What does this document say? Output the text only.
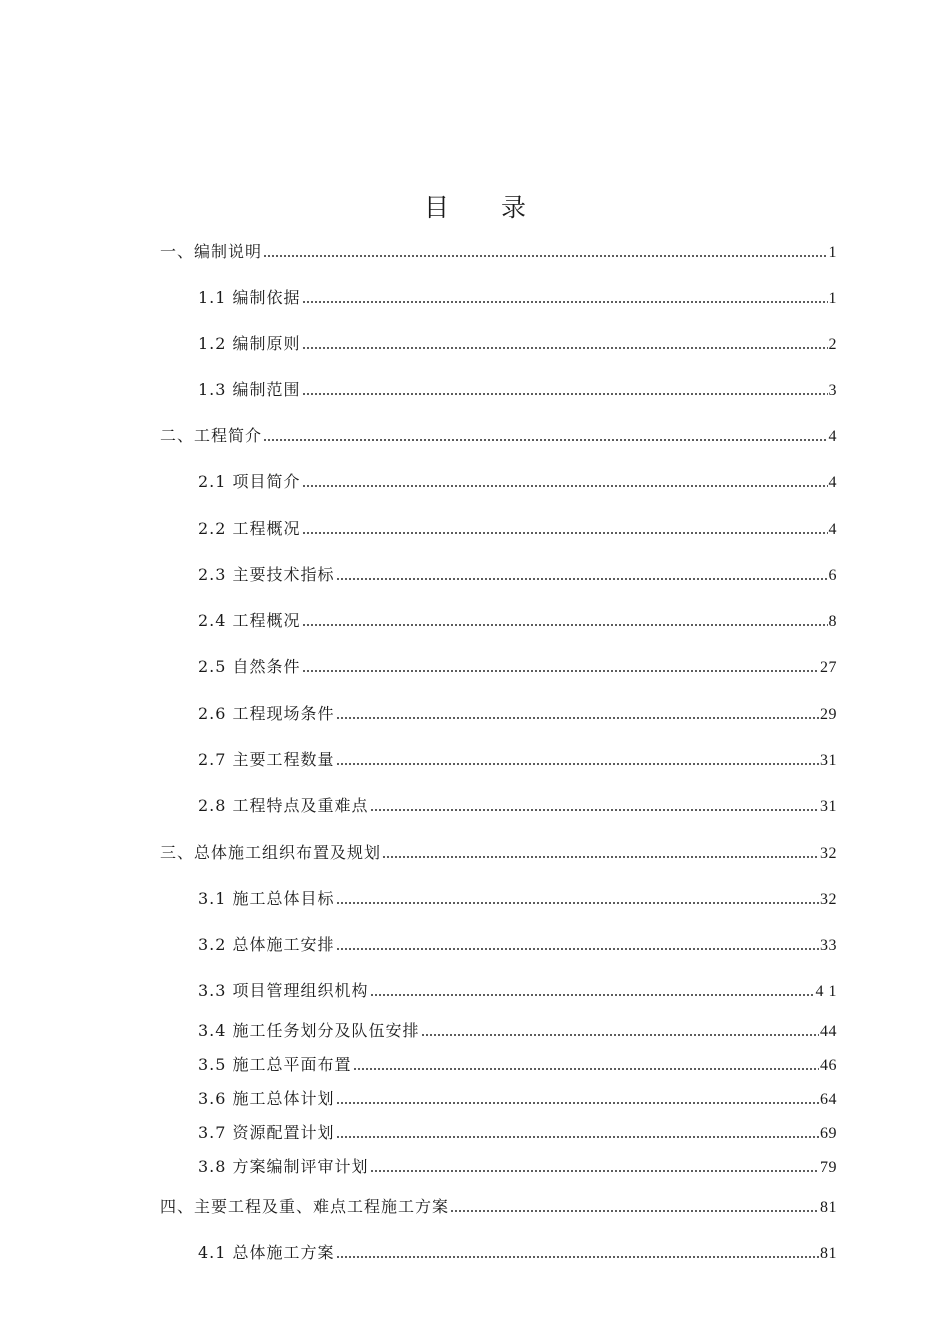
目 录
一、编制说明	1
1.1 编制依据	1
1.2 编制原则	2
1.3 编制范围	3
二、工程简介	4
2.1 项目简介	4
2.2 工程概况	4
2.3 主要技术指标	6
2.4 工程概况	8
2.5 自然条件	27
2.6 工程现场条件	29
2.7 主要工程数量	31
2.8 工程特点及重难点	31
三、总体施工组织布置及规划	32
3.1 施工总体目标	32
3.2 总体施工安排	33
3.3 项目管理组织机构	4 1
3.4 施工任务划分及队伍安排	44
3.5 施工总平面布置	46
3.6 施工总体计划	64
3.7 资源配置计划	69
3.8 方案编制评审计划	79
四、主要工程及重、难点工程施工方案	81
4.1 总体施工方案	81
